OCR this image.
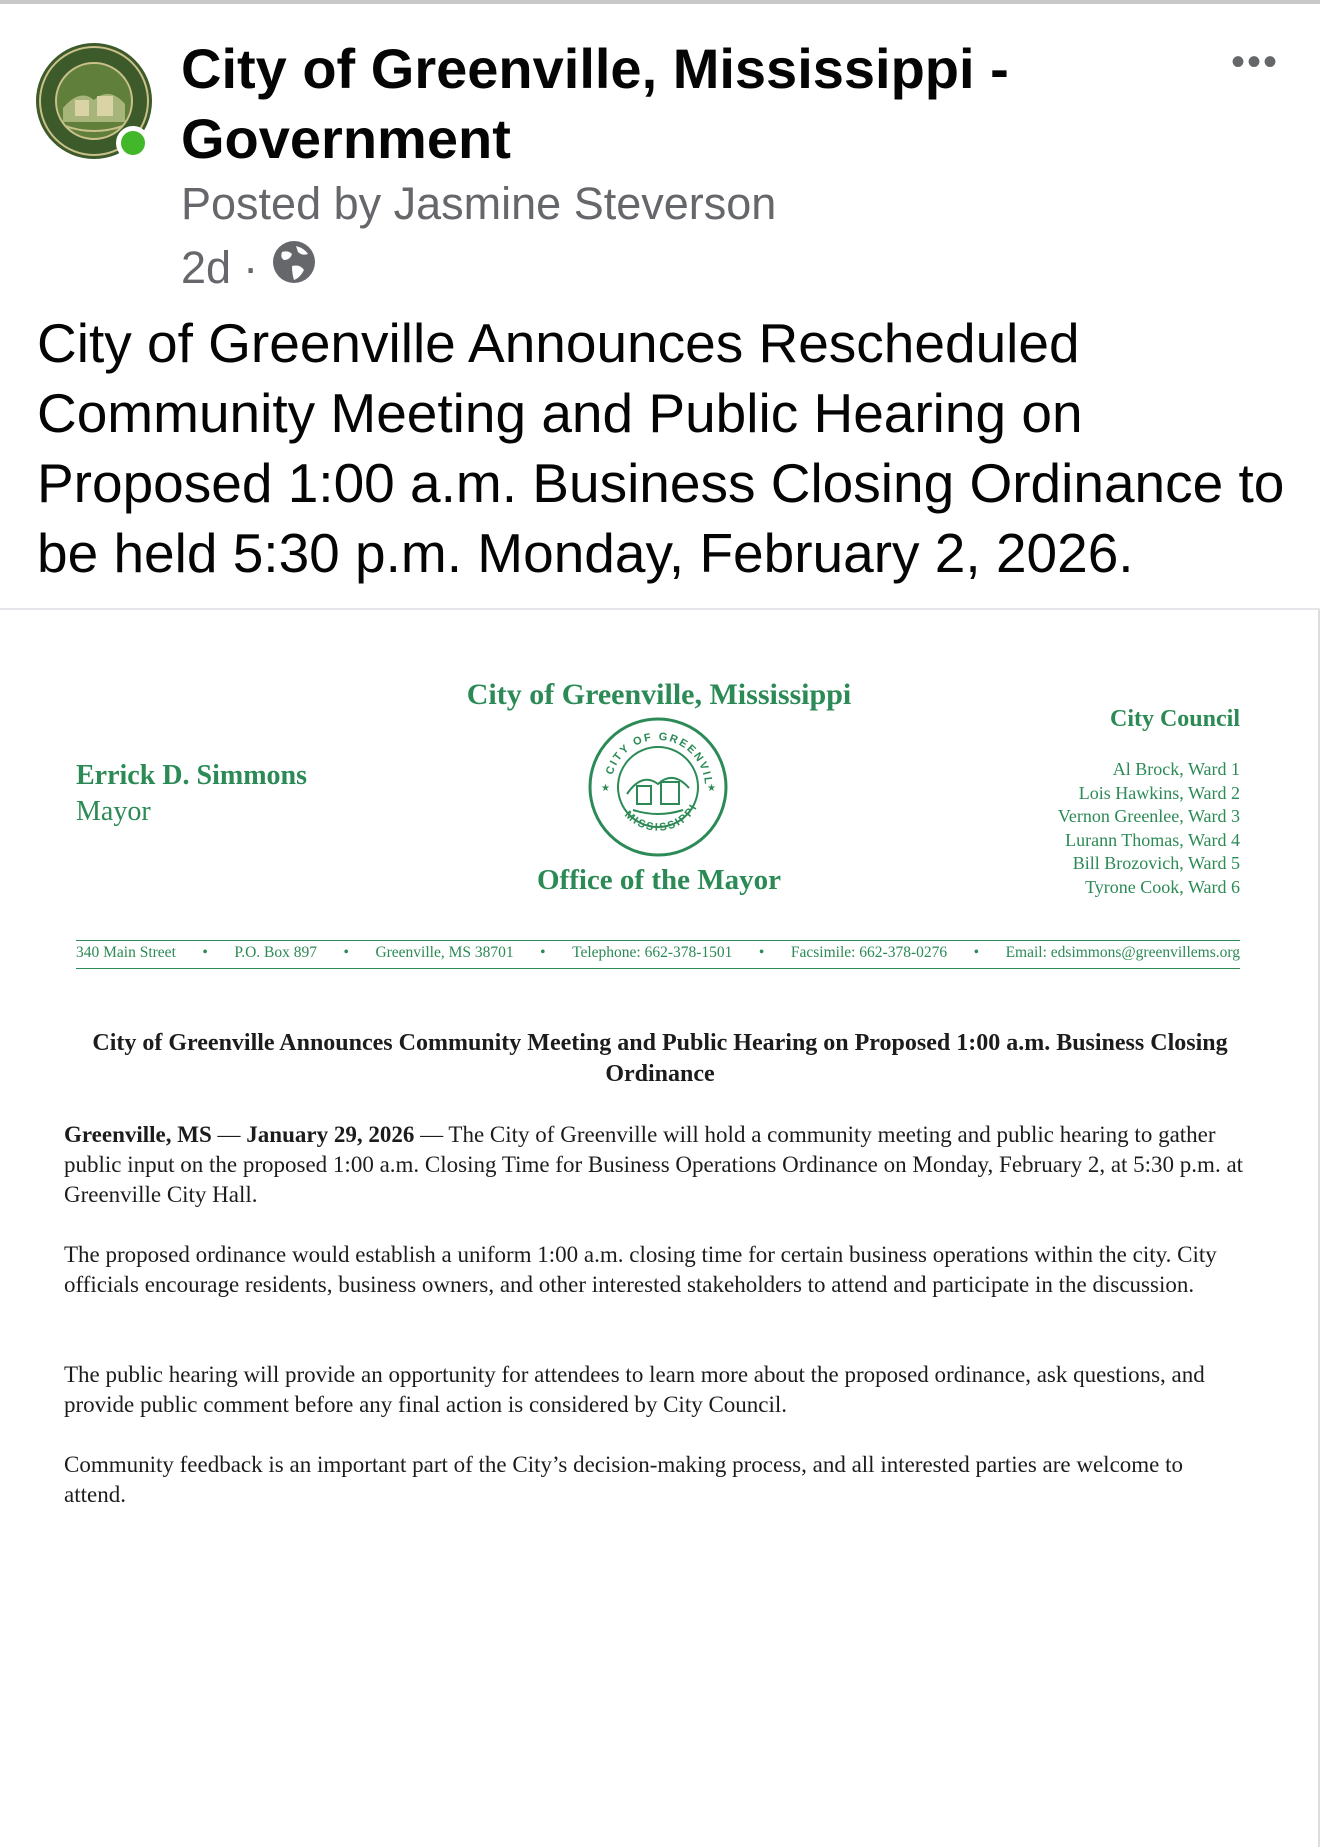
City of Greenville, Mississippi - Government
•••
Posted by Jasmine Steverson
2d ·

City of Greenville Announces Rescheduled Community Meeting and Public Hearing on Proposed 1:00 a.m. Business Closing Ordinance to be held 5:30 p.m. Monday, February 2, 2026.

City of Greenville, Mississippi
CITY OF GREENVIL
MISSISSIPPI
★	★
Office of the Mayor
Errick D. Simmons
Mayor
City Council
Al Brock, Ward 1
Lois Hawkins, Ward 2
Vernon Greenlee, Ward 3
Lurann Thomas, Ward 4
Bill Brozovich, Ward 5
Tyrone Cook, Ward 6
340 Main Street • P.O. Box 897 • Greenville, MS 38701 • Telephone: 662-378-1501 • Facsimile: 662-378-0276 • Email: edsimmons@greenvillems.org
City of Greenville Announces Community Meeting and Public Hearing on Proposed 1:00 a.m. Business Closing Ordinance

Greenville, MS — January 29, 2026 — The City of Greenville will hold a community meeting and public hearing to gather public input on the proposed 1:00 a.m. Closing Time for Business Operations Ordinance on Monday, February 2, at 5:30 p.m. at Greenville City Hall.

The proposed ordinance would establish a uniform 1:00 a.m. closing time for certain business operations within the city. City officials encourage residents, business owners, and other interested stakeholders to attend and participate in the discussion.

The public hearing will provide an opportunity for attendees to learn more about the proposed ordinance, ask questions, and provide public comment before any final action is considered by City Council.

Community feedback is an important part of the City’s decision-making process, and all interested parties are welcome to attend.
